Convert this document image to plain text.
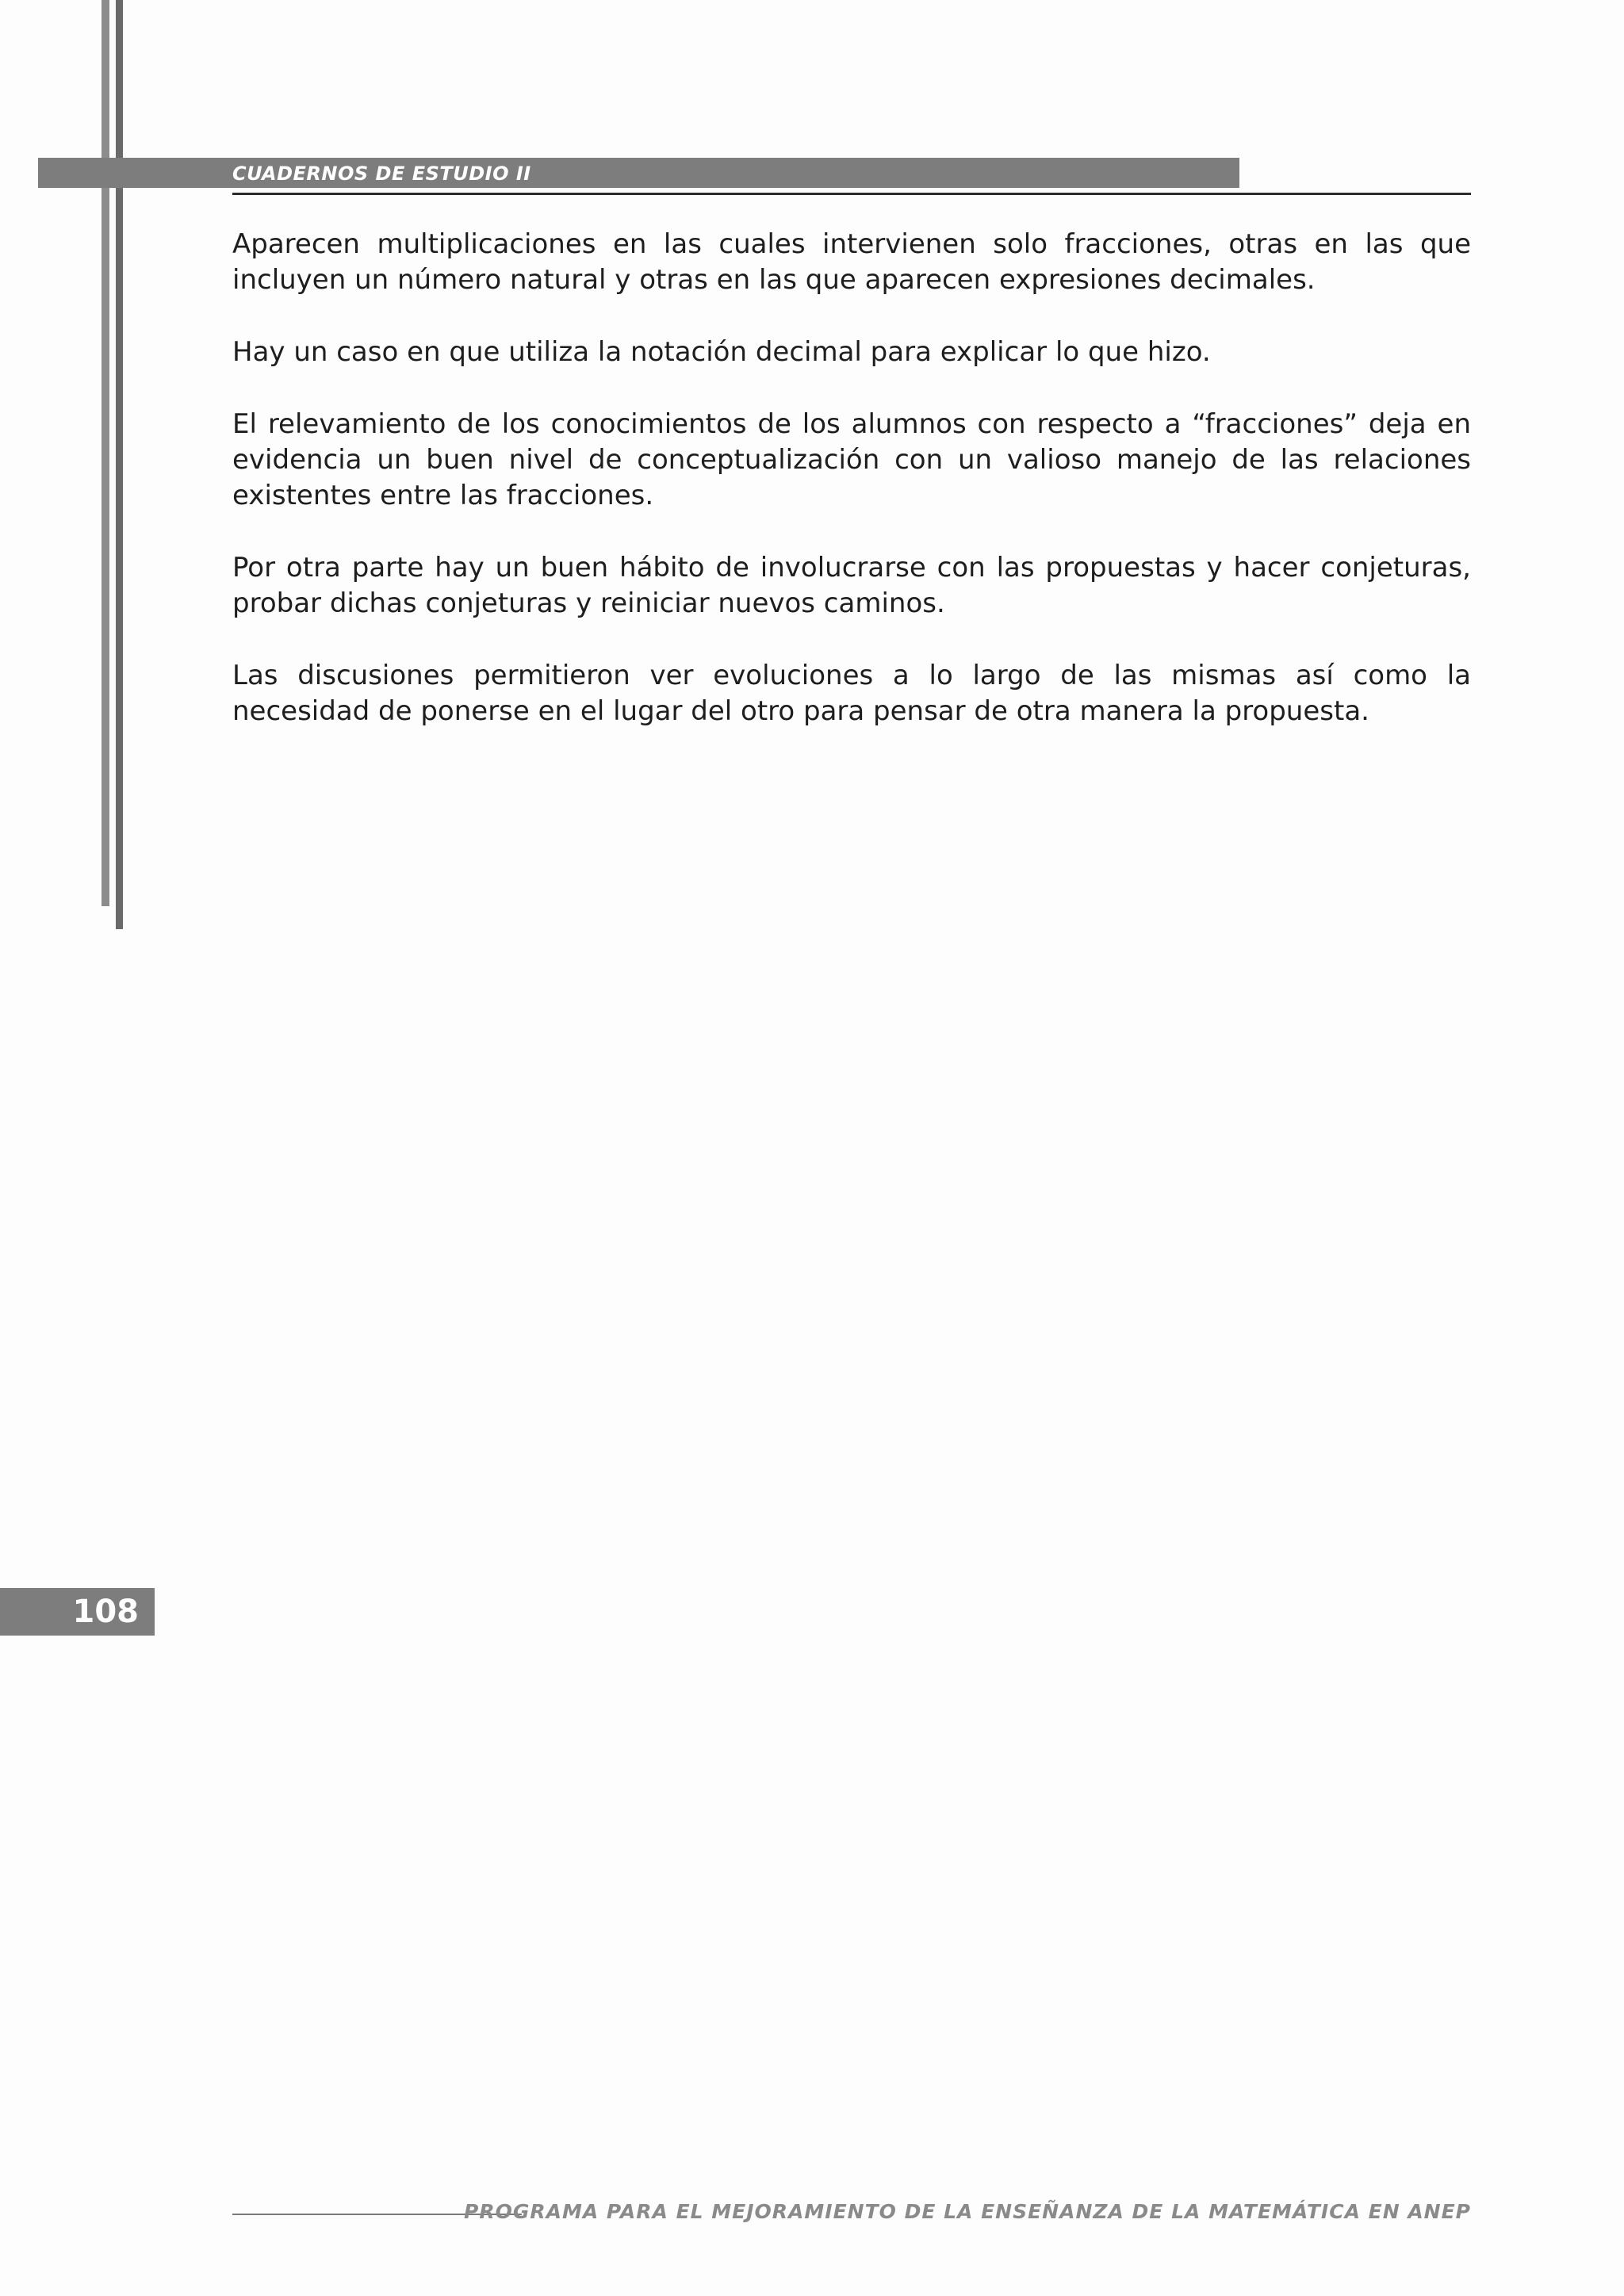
CUADERNOS DE ESTUDIO II

Aparecen multiplicaciones en las cuales intervienen solo fracciones, otras en las que incluyen un número natural y otras en las que aparecen expresiones decimales.

Hay un caso en que utiliza la notación decimal para explicar lo que hizo.

El relevamiento de los conocimientos de los alumnos con respecto a “fracciones” deja en evidencia un buen nivel de conceptualización con un valioso manejo de las relaciones existentes entre las fracciones.

Por otra parte hay un buen hábito de involucrarse con las propuestas y hacer conjeturas, probar dichas conjeturas y reiniciar nuevos caminos.

Las discusiones permitieron ver evoluciones a lo largo de las mismas así como la necesidad de ponerse en el lugar del otro para pensar de otra manera la propuesta.

108
PROGRAMA PARA EL MEJORAMIENTO DE LA ENSEÑANZA DE LA MATEMÁTICA EN ANEP
